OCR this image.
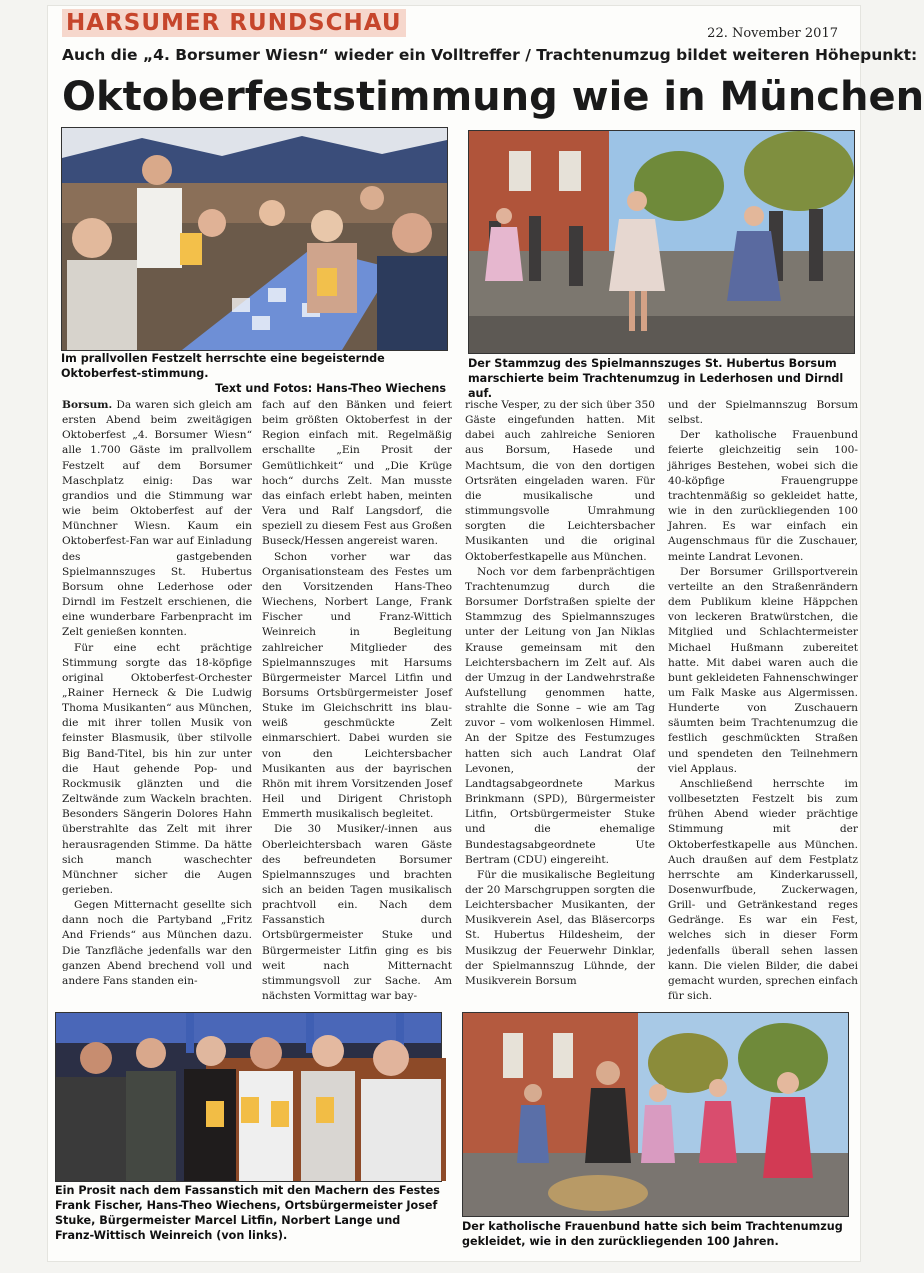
HARSUMER RUNDSCHAU	22. November 2017
Auch die „4. Borsumer Wiesn“ wieder ein Volltreffer / Trachtenumzug bildet weiteren Höhepunkt:
Oktoberfeststimmung wie in München
Im prallvollen Festzelt herrschte eine begeisternde Oktoberfest-stimmung.
Text und Fotos: Hans-Theo Wiechens
Der Stammzug des Spielmannszuges St. Hubertus Borsum marschierte beim Trachtenumzug in Lederhosen und Dirndl auf.

Borsum. Da waren sich gleich am ersten Abend beim zweitägigen Oktoberfest „4. Borsumer Wiesn“ alle 1.700 Gäste im prallvollem Festzelt auf dem Borsumer Maschplatz einig: Das war grandios und die Stimmung war wie beim Oktoberfest auf der Münchner Wiesn. Kaum ein Oktoberfest-Fan war auf Einladung des gastgebenden Spielmannszuges St. Hubertus Borsum ohne Lederhose oder Dirndl im Festzelt erschienen, die eine wunderbare Farbenpracht im Zelt genießen konnten.

Für eine echt prächtige Stimmung sorgte das 18-köpfige original Oktoberfest-Orchester „Rainer Herneck & Die Ludwig Thoma Musikanten“ aus München, die mit ihrer tollen Musik von feinster Blasmusik, über stilvolle Big Band-Titel, bis hin zur unter die Haut gehende Pop- und Rockmusik glänzten und die Zeltwände zum Wackeln brachten. Besonders Sängerin Dolores Hahn überstrahlte das Zelt mit ihrer herausragenden Stimme. Da hätte sich manch waschechter Münchner sicher die Augen gerieben.

Gegen Mitternacht gesellte sich dann noch die Partyband „Fritz And Friends“ aus München dazu. Die Tanzfläche jedenfalls war den ganzen Abend brechend voll und andere Fans standen ein-

fach auf den Bänken und feiert beim größten Oktoberfest in der Region einfach mit. Regelmäßig erschallte „Ein Prosit der Gemütlichkeit“ und „Die Krüge hoch“ durchs Zelt. Man musste das einfach erlebt haben, meinten Vera und Ralf Langsdorf, die speziell zu diesem Fest aus Großen Buseck/Hessen angereist waren.

Schon vorher war das Organisationsteam des Festes um den Vorsitzenden Hans-Theo Wiechens, Norbert Lange, Frank Fischer und Franz-Wittich Weinreich in Begleitung zahlreicher Mitglieder des Spielmannszuges mit Harsums Bürgermeister Marcel Litfin und Borsums Ortsbürgermeister Josef Stuke im Gleichschritt ins blau-weiß geschmückte Zelt einmarschiert. Dabei wurden sie von den Leichtersbacher Musikanten aus der bayrischen Rhön mit ihrem Vorsitzenden Josef Heil und Dirigent Christoph Emmerth musikalisch begleitet.

Die 30 Musiker/-innen aus Oberleichtersbach waren Gäste des befreundeten Borsumer Spielmannszuges und brachten sich an beiden Tagen musikalisch prachtvoll ein. Nach dem Fassanstich durch Ortsbürgermeister Stuke und Bürgermeister Litfin ging es bis weit nach Mitternacht stimmungsvoll zur Sache. Am nächsten Vormittag war bay-

rische Vesper, zu der sich über 350 Gäste eingefunden hatten. Mit dabei auch zahlreiche Senioren aus Borsum, Hasede und Machtsum, die von den dortigen Ortsräten eingeladen waren. Für die musikalische und stimmungsvolle Umrahmung sorgten die Leichtersbacher Musikanten und die original Oktoberfestkapelle aus München.

Noch vor dem farbenprächtigen Trachtenumzug durch die Borsumer Dorfstraßen spielte der Stammzug des Spielmannszuges unter der Leitung von Jan Niklas Krause gemeinsam mit den Leichtersbachern im Zelt auf. Als der Umzug in der Landwehrstraße Aufstellung genommen hatte, strahlte die Sonne – wie am Tag zuvor – vom wolkenlosen Himmel. An der Spitze des Festumzuges hatten sich auch Landrat Olaf Levonen, der Landtagsabgeordnete Markus Brinkmann (SPD), Bürgermeister Litfin, Ortsbürgermeister Stuke und die ehemalige Bundestagsabgeordnete Ute Bertram (CDU) eingereiht.

Für die musikalische Begleitung der 20 Marschgruppen sorgten die Leichtersbacher Musikanten, der Musikverein Asel, das Bläsercorps St. Hubertus Hildesheim, der Musikzug der Feuerwehr Dinklar, der Spielmannszug Lühnde, der Musikverein Borsum

und der Spielmannszug Borsum selbst.

Der katholische Frauenbund feierte gleichzeitig sein 100-jähriges Bestehen, wobei sich die 40-köpfige Frauengruppe trachtenmäßig so gekleidet hatte, wie in den zurückliegenden 100 Jahren. Es war einfach ein Augenschmaus für die Zuschauer, meinte Landrat Levonen.

Der Borsumer Grillsportverein verteilte an den Straßenrändern dem Publikum kleine Häppchen von leckeren Bratwürstchen, die Mitglied und Schlachtermeister Michael Hußmann zubereitet hatte. Mit dabei waren auch die bunt gekleideten Fahnenschwinger um Falk Maske aus Algermissen. Hunderte von Zuschauern säumten beim Trachtenumzug die festlich geschmückten Straßen und spendeten den Teilnehmern viel Applaus.

Anschließend herrschte im vollbesetzten Festzelt bis zum frühen Abend wieder prächtige Stimmung mit der Oktoberfestkapelle aus München. Auch draußen auf dem Festplatz herrschte am Kinderkarussell, Dosenwurfbude, Zuckerwagen, Grill- und Getränkestand reges Gedränge. Es war ein Fest, welches sich in dieser Form jedenfalls überall sehen lassen kann. Die vielen Bilder, die dabei gemacht wurden, sprechen einfach für sich.

Ein Prosit nach dem Fassanstich mit den Machern des Festes Frank Fischer, Hans-Theo Wiechens, Ortsbürgermeister Josef Stuke, Bürgermeister Marcel Litfin, Norbert Lange und Franz-Wittisch Weinreich (von links).
Der katholische Frauenbund hatte sich beim Trachtenumzug gekleidet, wie in den zurückliegenden 100 Jahren.
